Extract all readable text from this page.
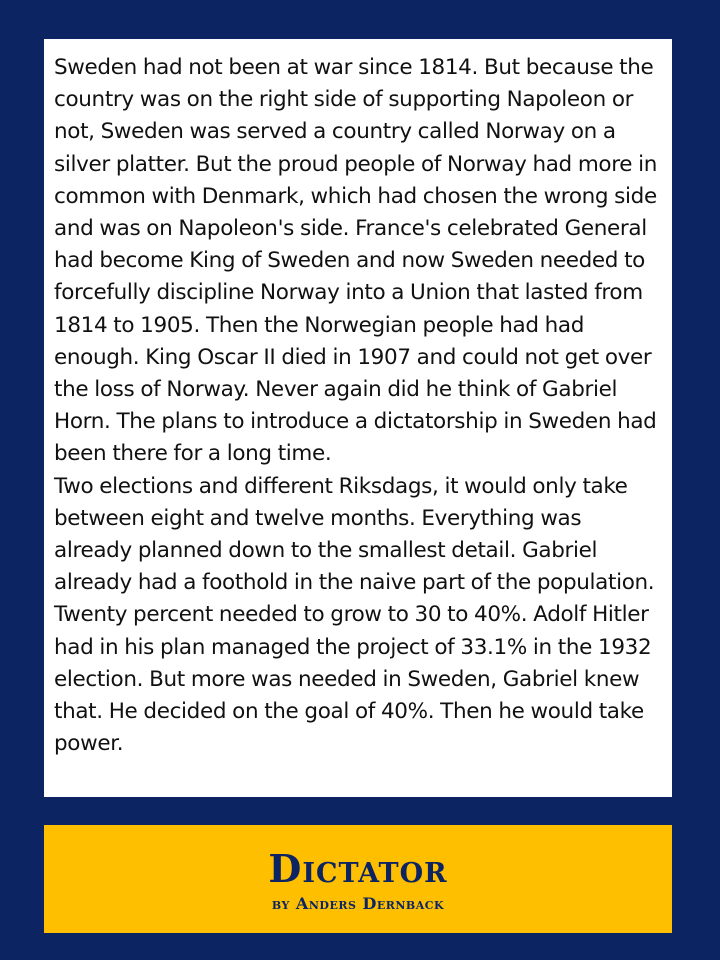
Sweden had not been at war since 1814. But because the country was on the right side of supporting Napoleon or not, Sweden was served a country called Norway on a silver platter. But the proud people of Norway had more in common with Denmark, which had chosen the wrong side and was on Napoleon's side. France's celebrated General had become King of Sweden and now Sweden needed to forcefully discipline Norway into a Union that lasted from 1814 to 1905. Then the Norwegian people had had enough. King Oscar II died in 1907 and could not get over the loss of Norway. Never again did he think of Gabriel Horn. The plans to introduce a dictatorship in Sweden had been there for a long time.

Two elections and different Riksdags, it would only take between eight and twelve months. Everything was already planned down to the smallest detail. Gabriel already had a foothold in the naive part of the population. Twenty percent needed to grow to 30 to 40%. Adolf Hitler had in his plan managed the project of 33.1% in the 1932 election. But more was needed in Sweden, Gabriel knew that. He decided on the goal of 40%. Then he would take power.

Dictator
by Anders Dernback
